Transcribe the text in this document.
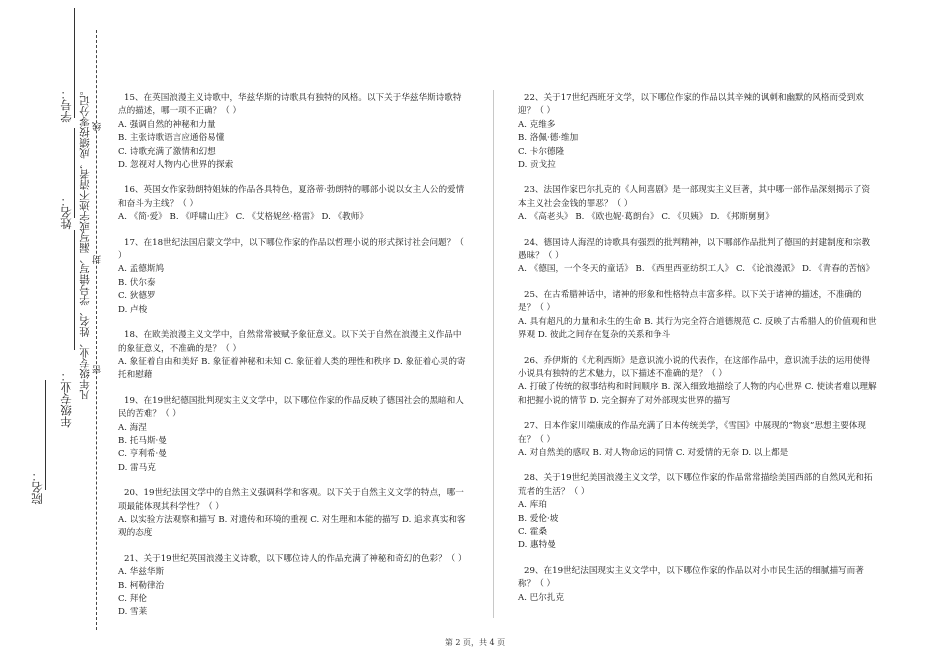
学号：
姓名：
年级专业：
院名：
凡年级专业、姓名、学号错写、漏写或字迹不清者，成绩按零分记。 线
封
密

15、在英国浪漫主义诗歌中，华兹华斯的诗歌具有独特的风格。以下关于华兹华斯诗歌特点的描述，哪一项不正确？（ ）

A. 强调自然的神秘和力量

B. 主张诗歌语言应通俗易懂

C. 诗歌充满了激情和幻想

D. 忽视对人物内心世界的探索

16、英国女作家勃朗特姐妹的作品各具特色，夏洛蒂·勃朗特的哪部小说以女主人公的爱情和奋斗为主线？（ ）

A. 《简·爱》 B. 《呼啸山庄》 C. 《艾格妮丝·格雷》 D. 《教师》

17、在18世纪法国启蒙文学中，以下哪位作家的作品以哲理小说的形式探讨社会问题？（ ）

A. 孟德斯鸠

B. 伏尔泰

C. 狄德罗

D. 卢梭

18、在欧美浪漫主义文学中，自然常常被赋予象征意义。以下关于自然在浪漫主义作品中的象征意义，不准确的是？（ ）

A. 象征着自由和美好 B. 象征着神秘和未知 C. 象征着人类的理性和秩序 D. 象征着心灵的寄托和慰藉

19、在19世纪德国批判现实主义文学中，以下哪位作家的作品反映了德国社会的黑暗和人民的苦难？（ ）

A. 海涅

B. 托马斯·曼

C. 亨利希·曼

D. 雷马克

20、19世纪法国文学中的自然主义强调科学和客观。以下关于自然主义文学的特点，哪一项最能体现其科学性？（ ）

A. 以实验方法观察和描写 B. 对遗传和环境的重视 C. 对生理和本能的描写 D. 追求真实和客观的态度

21、关于19世纪英国浪漫主义诗歌，以下哪位诗人的作品充满了神秘和奇幻的色彩？（ ）

A. 华兹华斯

B. 柯勒律治

C. 拜伦

D. 雪莱

22、关于17世纪西班牙文学，以下哪位作家的作品以其辛辣的讽刺和幽默的风格而受到欢迎？（ ）

A. 克维多

B. 洛佩·德·维加

C. 卡尔德隆

D. 贡戈拉

23、法国作家巴尔扎克的《人间喜剧》是一部现实主义巨著，其中哪一部作品深刻揭示了资本主义社会金钱的罪恶？（ ）

A. 《高老头》 B. 《欧也妮·葛朗台》 C. 《贝姨》 D. 《邦斯舅舅》

24、德国诗人海涅的诗歌具有强烈的批判精神，以下哪部作品批判了德国的封建制度和宗教愚昧？（ ）

A. 《德国，一个冬天的童话》 B. 《西里西亚纺织工人》 C. 《论浪漫派》 D. 《青春的苦恼》

25、在古希腊神话中，诸神的形象和性格特点丰富多样。以下关于诸神的描述，不准确的是？（ ）

A. 具有超凡的力量和永生的生命 B. 其行为完全符合道德规范 C. 反映了古希腊人的价值观和世界观 D. 彼此之间存在复杂的关系和争斗

26、乔伊斯的《尤利西斯》是意识流小说的代表作，在这部作品中，意识流手法的运用使得小说具有独特的艺术魅力，以下描述不准确的是？（ ）

A. 打破了传统的叙事结构和时间顺序 B. 深入细致地描绘了人物的内心世界 C. 使读者难以理解和把握小说的情节 D. 完全摒弃了对外部现实世界的描写

27、日本作家川端康成的作品充满了日本传统美学，《雪国》中展现的“物哀”思想主要体现在？（ ）

A. 对自然美的感叹 B. 对人物命运的同情 C. 对爱情的无奈 D. 以上都是

28、关于19世纪美国浪漫主义文学，以下哪位作家的作品常常描绘美国西部的自然风光和拓荒者的生活？（ ）

A. 库珀

B. 爱伦·坡

C. 霍桑

D. 惠特曼

29、在19世纪法国现实主义文学中，以下哪位作家的作品以对小市民生活的细腻描写而著称？（ ）

A. 巴尔扎克

第 2 页，共 4 页
